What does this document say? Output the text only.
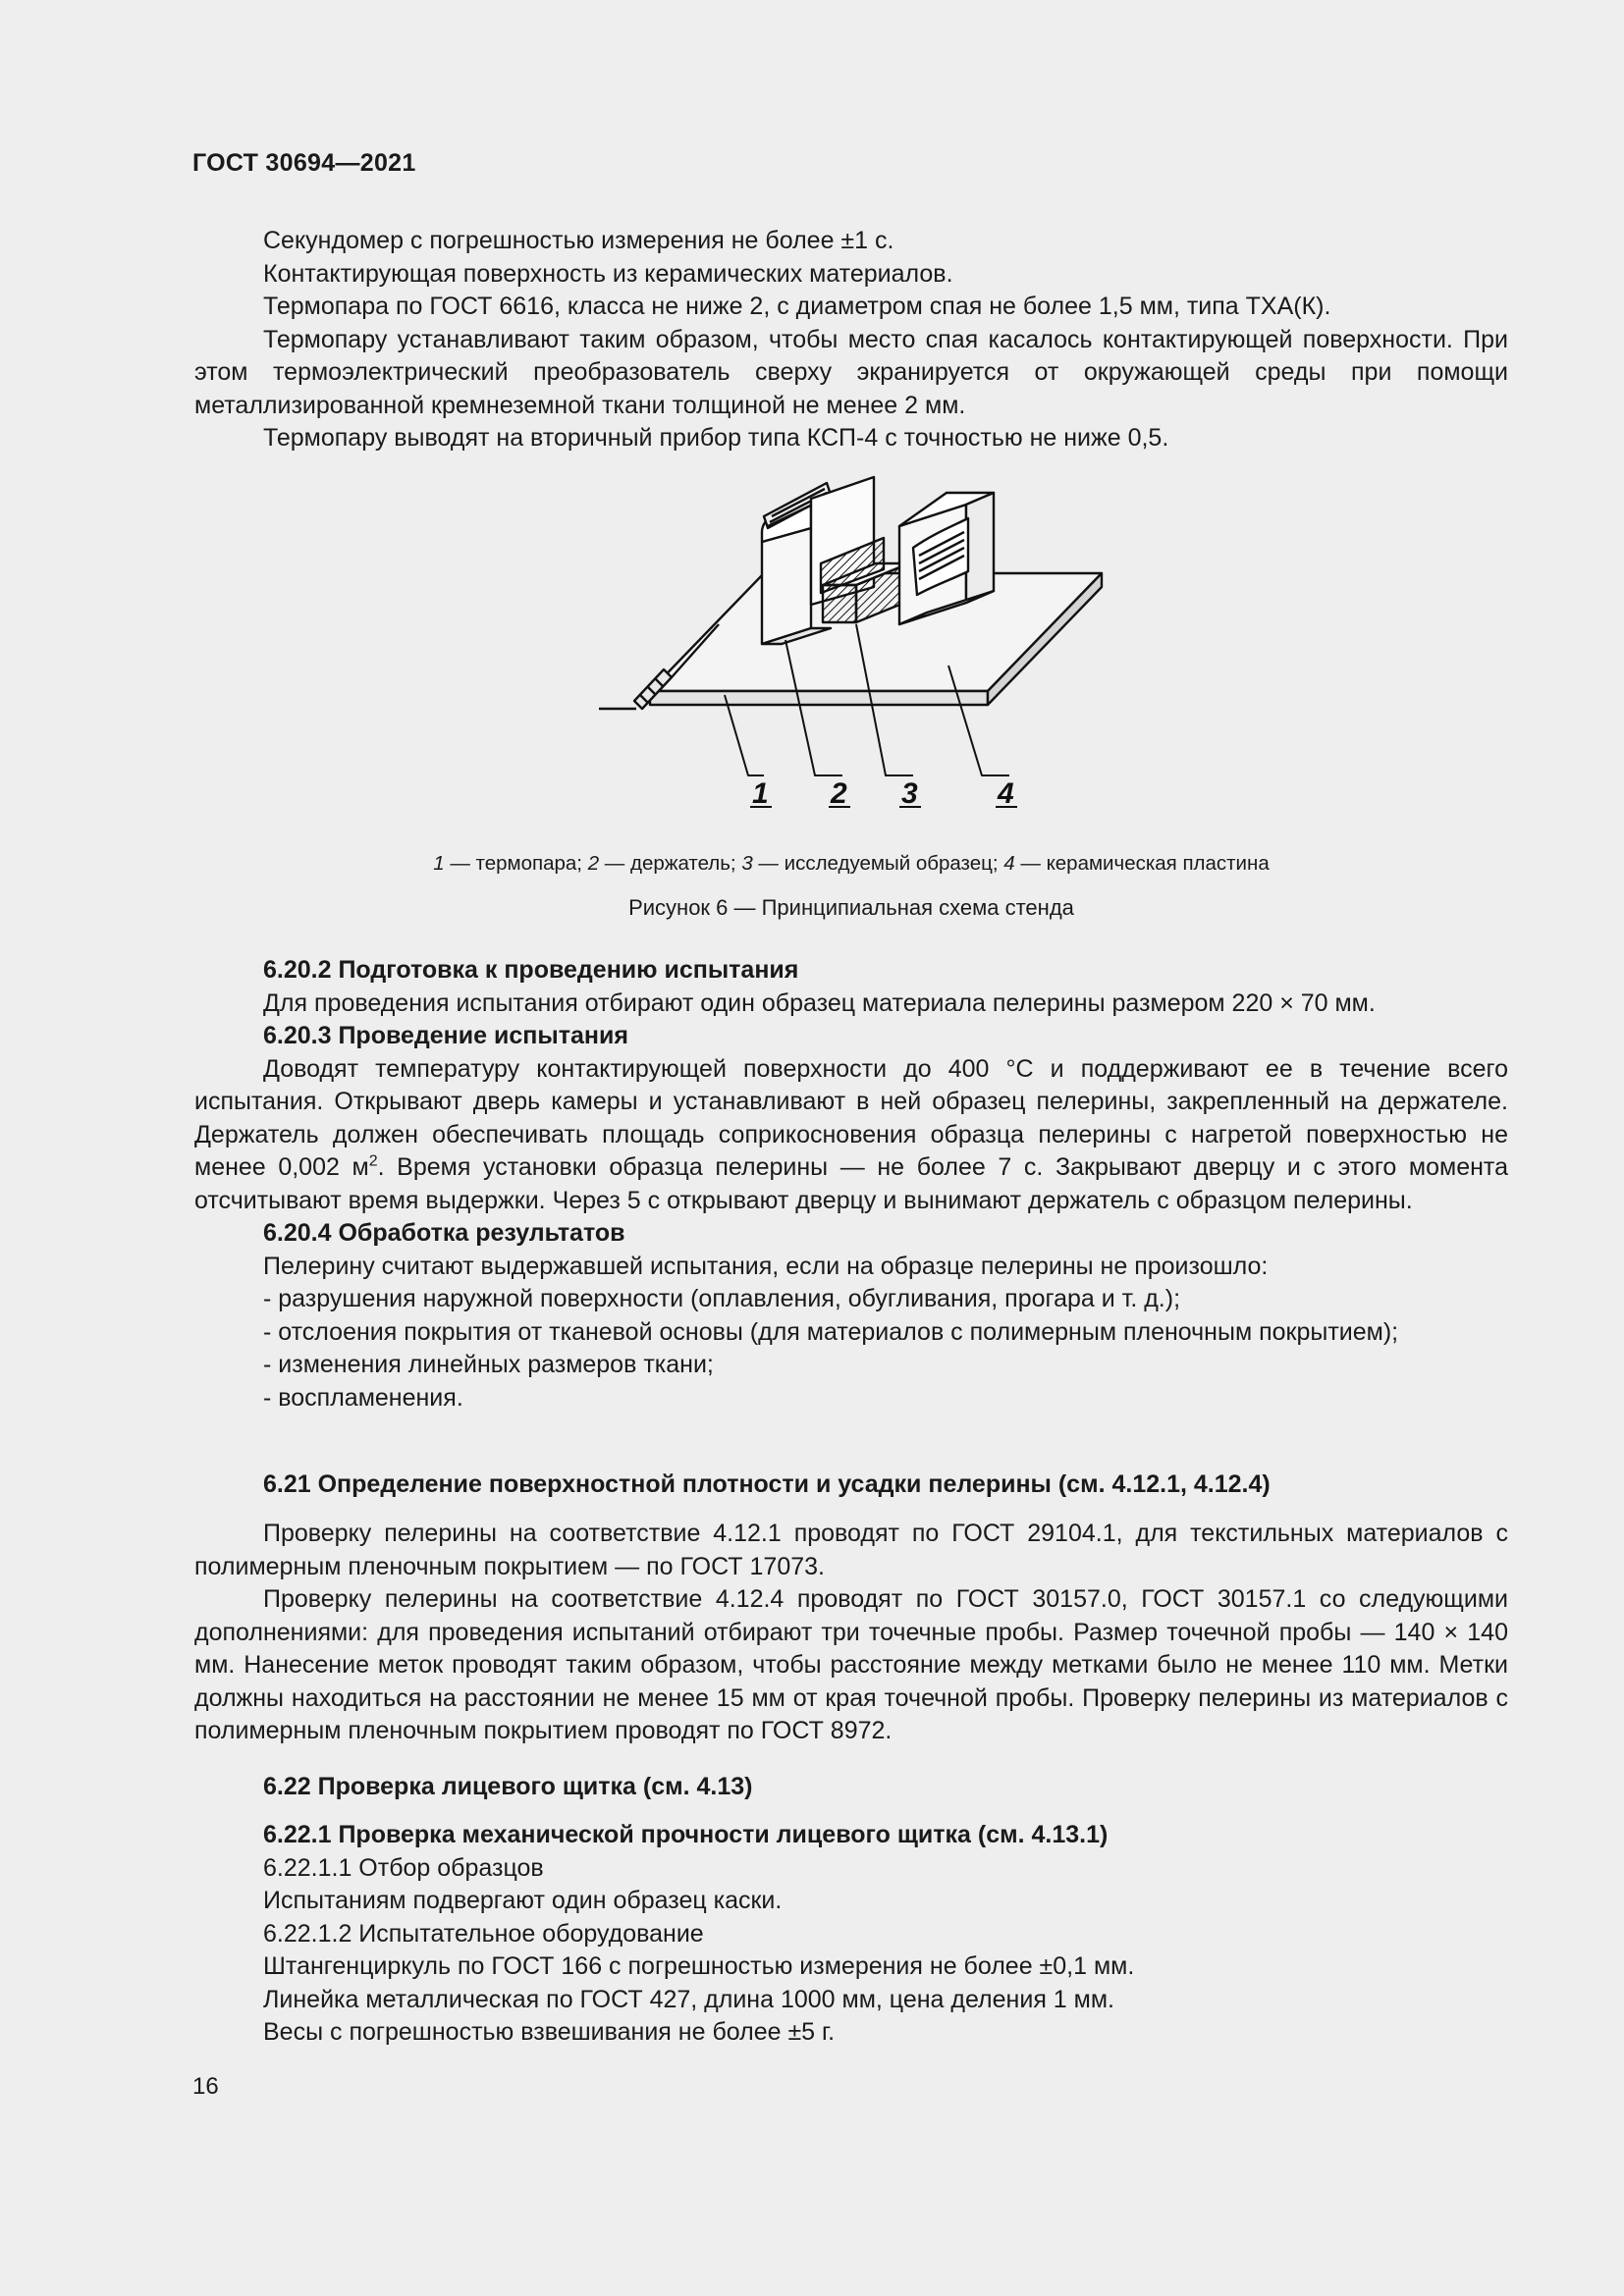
ГОСТ 30694—2021

Секундомер с погрешностью измерения не более ±1 с.

Контактирующая поверхность из керамических материалов.

Термопара по ГОСТ 6616, класса не ниже 2, с диаметром спая не более 1,5 мм, типа ТХА(К).

Термопару устанавливают таким образом, чтобы место спая касалось контактирующей поверхности. При этом термоэлектрический преобразователь сверху экранируется от окружающей среды при помощи металлизированной кремнеземной ткани толщиной не менее 2 мм.

Термопару выводят на вторичный прибор типа КСП-4 с точностью не ниже 0,5.

1 2 3	4
1 — термопара; 2 — держатель; 3 — исследуемый образец; 4 — керамическая пластина
Рисунок 6 — Принципиальная схема стенда

6.20.2 Подготовка к проведению испытания

Для проведения испытания отбирают один образец материала пелерины размером 220 × 70 мм.

6.20.3 Проведение испытания

Доводят температуру контактирующей поверхности до 400 °С и поддерживают ее в течение всего испытания. Открывают дверь камеры и устанавливают в ней образец пелерины, закрепленный на держателе. Держатель должен обеспечивать площадь соприкосновения образца пелерины с нагретой поверхностью не менее 0,002 $м^2$. Время установки образца пелерины — не более 7 с. Закрывают дверцу и с этого момента отсчитывают время выдержки. Через 5 с открывают дверцу и вынимают держатель с образцом пелерины.

6.20.4 Обработка результатов

Пелерину считают выдержавшей испытания, если на образце пелерины не произошло:

- разрушения наружной поверхности (оплавления, обугливания, прогара и т. д.);

- отслоения покрытия от тканевой основы (для материалов с полимерным пленочным покрытием);

- изменения линейных размеров ткани;

- воспламенения.

6.21 Определение поверхностной плотности и усадки пелерины (см. 4.12.1, 4.12.4)

Проверку пелерины на соответствие 4.12.1 проводят по ГОСТ 29104.1, для текстильных материалов с полимерным пленочным покрытием — по ГОСТ 17073.

Проверку пелерины на соответствие 4.12.4 проводят по ГОСТ 30157.0, ГОСТ 30157.1 со следующими дополнениями: для проведения испытаний отбирают три точечные пробы. Размер точечной пробы — 140 × 140 мм. Нанесение меток проводят таким образом, чтобы расстояние между метками было не менее 110 мм. Метки должны находиться на расстоянии не менее 15 мм от края точечной пробы. Проверку пелерины из материалов с полимерным пленочным покрытием проводят по ГОСТ 8972.

6.22 Проверка лицевого щитка (см. 4.13)

6.22.1 Проверка механической прочности лицевого щитка (см. 4.13.1)

6.22.1.1 Отбор образцов

Испытаниям подвергают один образец каски.

6.22.1.2 Испытательное оборудование

Штангенциркуль по ГОСТ 166 с погрешностью измерения не более ±0,1 мм.

Линейка металлическая по ГОСТ 427, длина 1000 мм, цена деления 1 мм.

Весы с погрешностью взвешивания не более ±5 г.

16
